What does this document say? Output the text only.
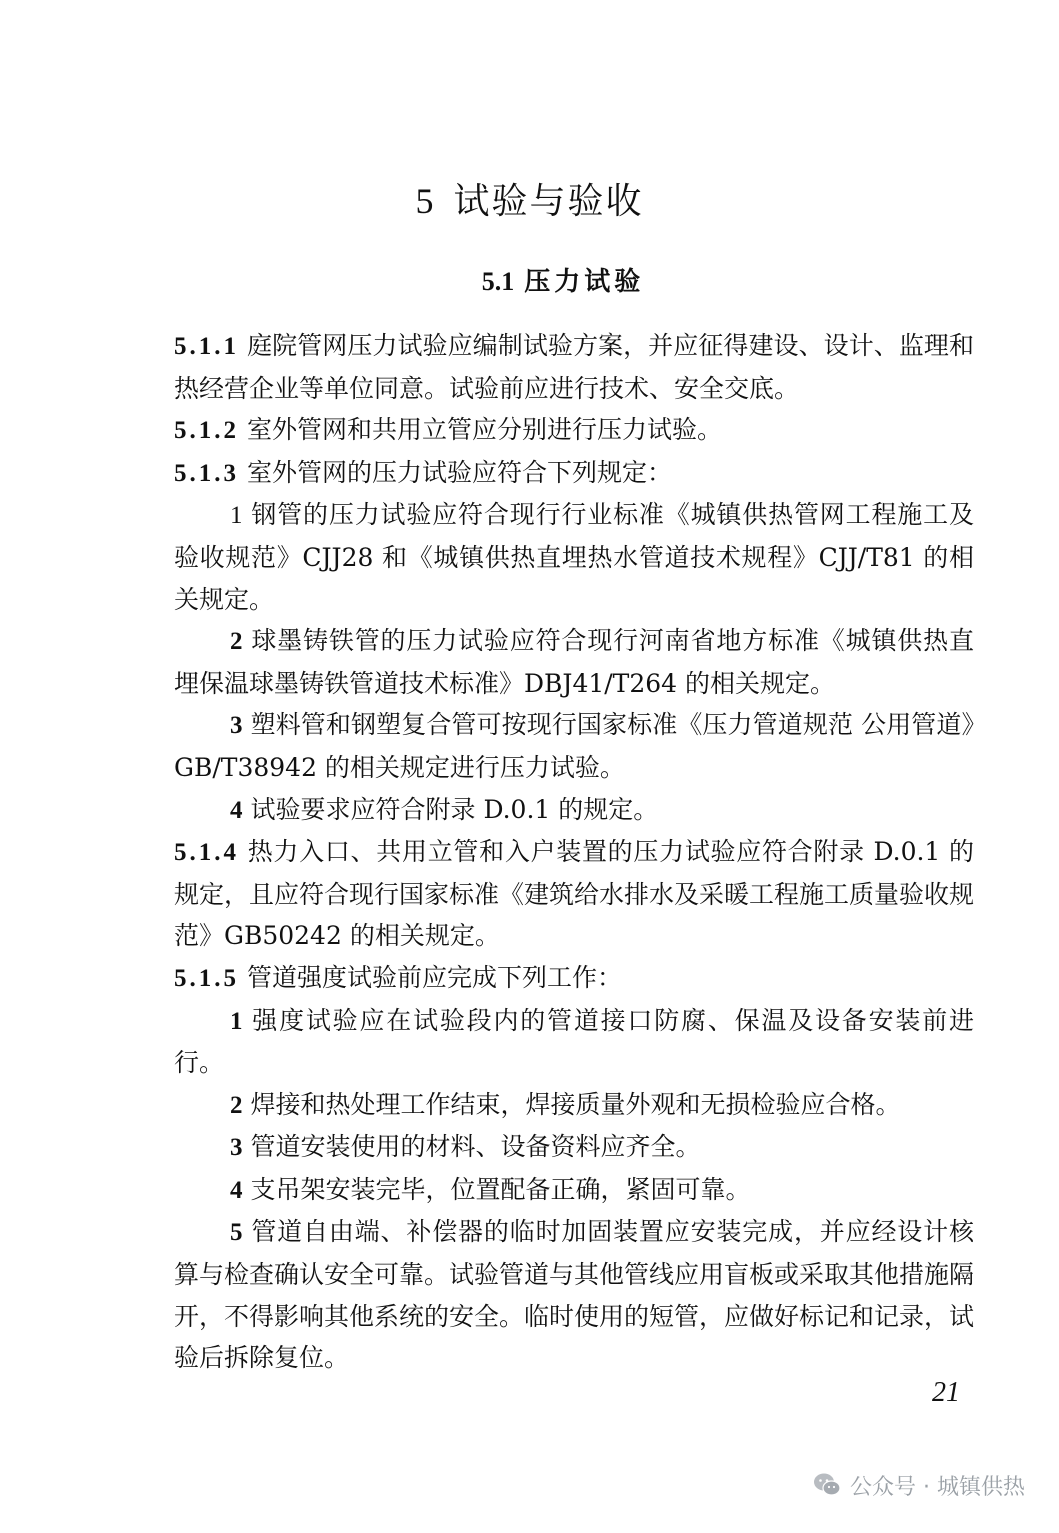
5 试验与验收
5.1 压力试验

5.1.1 庭院管网压力试验应编制试验方案，并应征得建设、设计、监理和热经营企业等单位同意。试验前应进行技术、安全交底。

5.1.2 室外管网和共用立管应分别进行压力试验。

5.1.3 室外管网的压力试验应符合下列规定：

1 钢管的压力试验应符合现行行业标准《城镇供热管网工程施工及验收规范》CJJ28 和《城镇供热直埋热水管道技术规程》CJJ/T81 的相关规定。

2 球墨铸铁管的压力试验应符合现行河南省地方标准《城镇供热直埋保温球墨铸铁管道技术标准》DBJ41/T264 的相关规定。

3 塑料管和钢塑复合管可按现行国家标准《压力管道规范 公用管道》GB/T38942 的相关规定进行压力试验。

4 试验要求应符合附录 D.0.1 的规定。

5.1.4 热力入口、共用立管和入户装置的压力试验应符合附录 D.0.1 的规定，且应符合现行国家标准《建筑给水排水及采暖工程施工质量验收规范》GB50242 的相关规定。

5.1.5 管道强度试验前应完成下列工作：

1 强度试验应在试验段内的管道接口防腐、保温及设备安装前进行。

2 焊接和热处理工作结束，焊接质量外观和无损检验应合格。

3 管道安装使用的材料、设备资料应齐全。

4 支吊架安装完毕，位置配备正确，紧固可靠。

5 管道自由端、补偿器的临时加固装置应安装完成，并应经设计核算与检查确认安全可靠。试验管道与其他管线应用盲板或采取其他措施隔开，不得影响其他系统的安全。临时使用的短管，应做好标记和记录，试验后拆除复位。

21
公众号 · 城镇供热
